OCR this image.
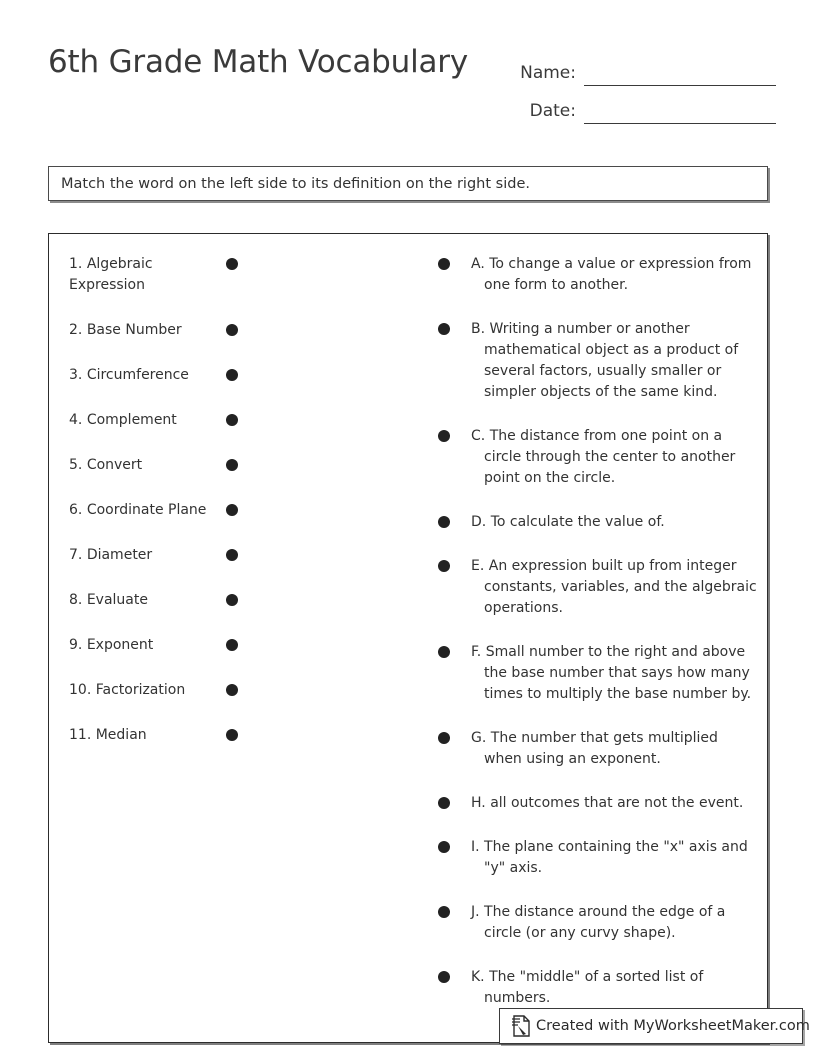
6th Grade Math Vocabulary	Name:
Date:
Match the word on the left side to its definition on the right side.
1. Algebraic Expression
2. Base Number
3. Circumference
4. Complement
5. Convert
6. Coordinate Plane
7. Diameter
8. Evaluate
9. Exponent
10. Factorization
11. Median
A. To change a value or expression from one form to another.
B. Writing a number or another mathematical object as a product of several factors, usually smaller or simpler objects of the same kind.
C. The distance from one point on a circle through the center to another point on the circle.
D. To calculate the value of.
E. An expression built up from integer constants, variables, and the algebraic operations.
F. Small number to the right and above the base number that says how many times to multiply the base number by.
G. The number that gets multiplied when using an exponent.
H. all outcomes that are not the event.
I. The plane containing the "x" axis and "y" axis.
J. The distance around the edge of a circle (or any curvy shape).
K. The "middle" of a sorted list of numbers.
Created with MyWorksheetMaker.com
